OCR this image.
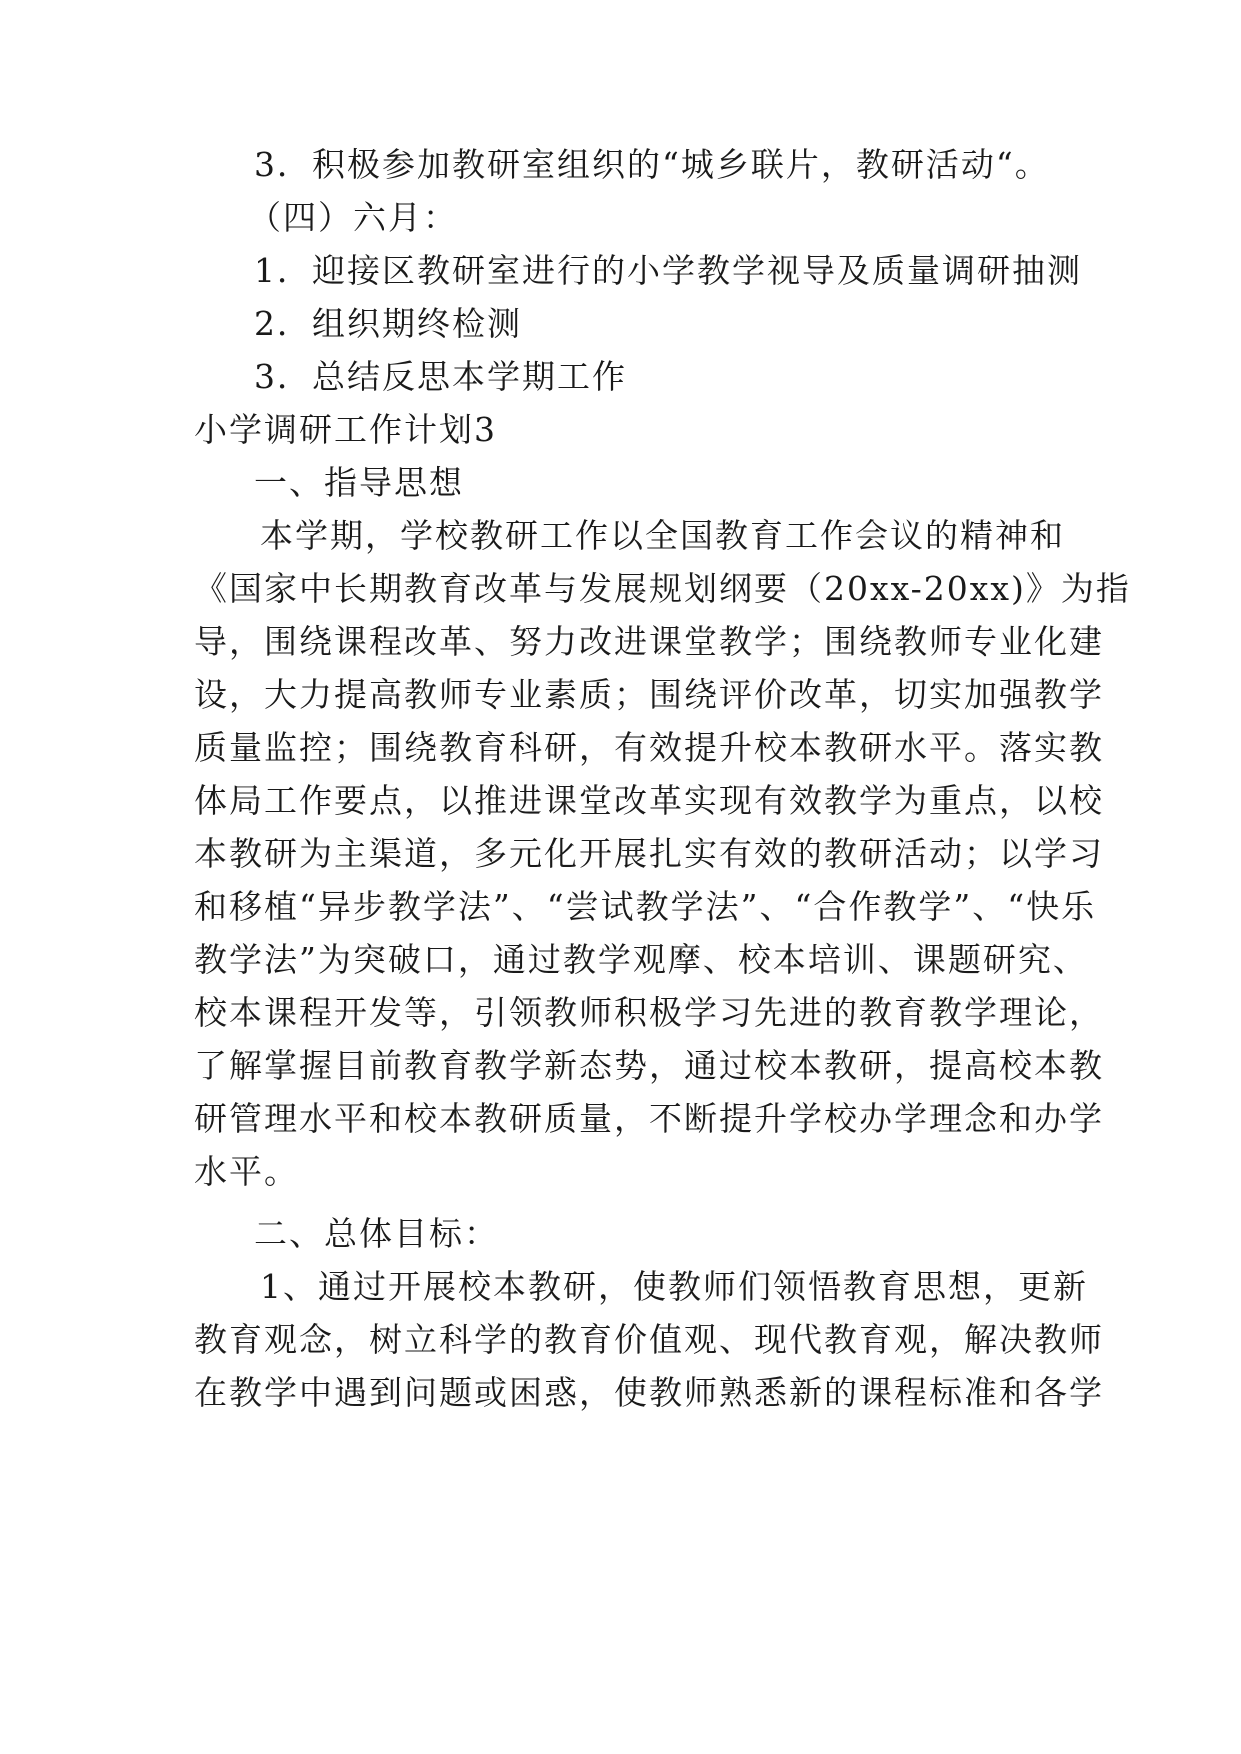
3．积极参加教研室组织的“城乡联片，教研活动“。
（四）六月：
1．迎接区教研室进行的小学教学视导及质量调研抽测
2．组织期终检测
3．总结反思本学期工作
小学调研工作计划3
一、指导思想
本学期，学校教研工作以全国教育工作会议的精神和
《国家中长期教育改革与发展规划纲要（20xx-20xx)》为指
导，围绕课程改革、努力改进课堂教学；围绕教师专业化建
设，大力提高教师专业素质；围绕评价改革，切实加强教学
质量监控；围绕教育科研，有效提升校本教研水平。落实教
体局工作要点，以推进课堂改革实现有效教学为重点，以校
本教研为主渠道，多元化开展扎实有效的教研活动；以学习
和移植“异步教学法”、“尝试教学法”、“合作教学”、“快乐
教学法”为突破口，通过教学观摩、校本培训、课题研究、
校本课程开发等，引领教师积极学习先进的教育教学理论，
了解掌握目前教育教学新态势，通过校本教研，提高校本教
研管理水平和校本教研质量，不断提升学校办学理念和办学
水平。
二、总体目标：
1、通过开展校本教研，使教师们领悟教育思想，更新
教育观念，树立科学的教育价值观、现代教育观，解决教师
在教学中遇到问题或困惑，使教师熟悉新的课程标准和各学
